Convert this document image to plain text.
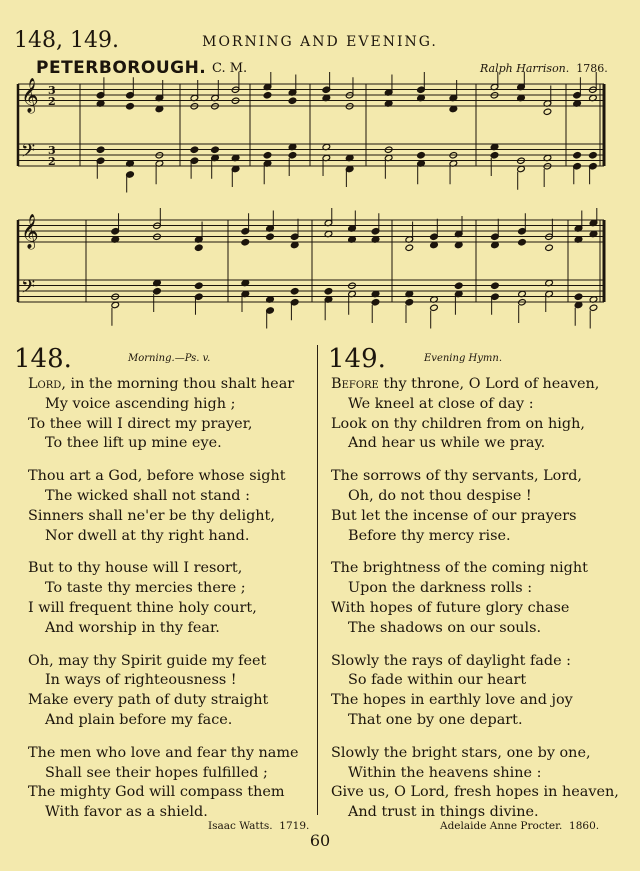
148, 149.	MORNING AND EVENING.
PETERBOROUGH. C. M.	Ralph Harrison. 1786.
𝄞 3
2
𝄢 3
2
𝄞
𝄢
148.	Morning.—Ps. v.
Lord, in the morning thou shalt hear
My voice ascending high ;
To thee will I direct my prayer,
To thee lift up mine eye.
Thou art a God, before whose sight
The wicked shall not stand :
Sinners shall ne'er be thy delight,
Nor dwell at thy right hand.
But to thy house will I resort,
To taste thy mercies there ;
I will frequent thine holy court,
And worship in thy fear.
Oh, may thy Spirit guide my feet
In ways of righteousness !
Make every path of duty straight
And plain before my face.
The men who love and fear thy name
Shall see their hopes fulfilled ;
The mighty God will compass them
With favor as a shield.
Isaac Watts. 1719.
149.	Evening Hymn.
Before thy throne, O Lord of heaven,
We kneel at close of day :
Look on thy children from on high,
And hear us while we pray.
The sorrows of thy servants, Lord,
Oh, do not thou despise !
But let the incense of our prayers
Before thy mercy rise.
The brightness of the coming night
Upon the darkness rolls :
With hopes of future glory chase
The shadows on our souls.
Slowly the rays of daylight fade :
So fade within our heart
The hopes in earthly love and joy
That one by one depart.
Slowly the bright stars, one by one,
Within the heavens shine :
Give us, O Lord, fresh hopes in heaven,
And trust in things divine.
Adelaide Anne Procter. 1860.
60
